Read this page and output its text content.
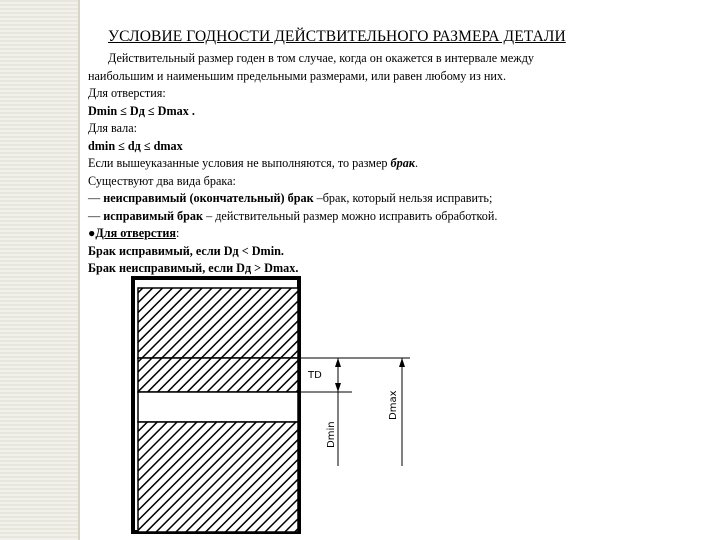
УСЛОВИЕ ГОДНОСТИ ДЕЙСТВИТЕЛЬНОГО РАЗМЕРА ДЕТАЛИ
Действительный размер годен в том случае, когда он окажется в интервале между
наибольшим и наименьшим предельными размерами, или равен любому из них.
Для отверстия:
Dmin ≤ Dд ≤ Dmax .
Для вала:
dmin ≤ dд ≤ dmax
Если вышеуказанные условия не выполняются, то размер брак.
Существуют два вида брака:
— неисправимый (окончательный) брак –брак, который нельзя исправить;
— исправимый брак – действительный размер можно исправить обработкой.
●Для отверстия:
Брак исправимый, если Dд < Dmin.
Брак неисправимый, если Dд > Dmax.
TD
Dmin
Dmax
